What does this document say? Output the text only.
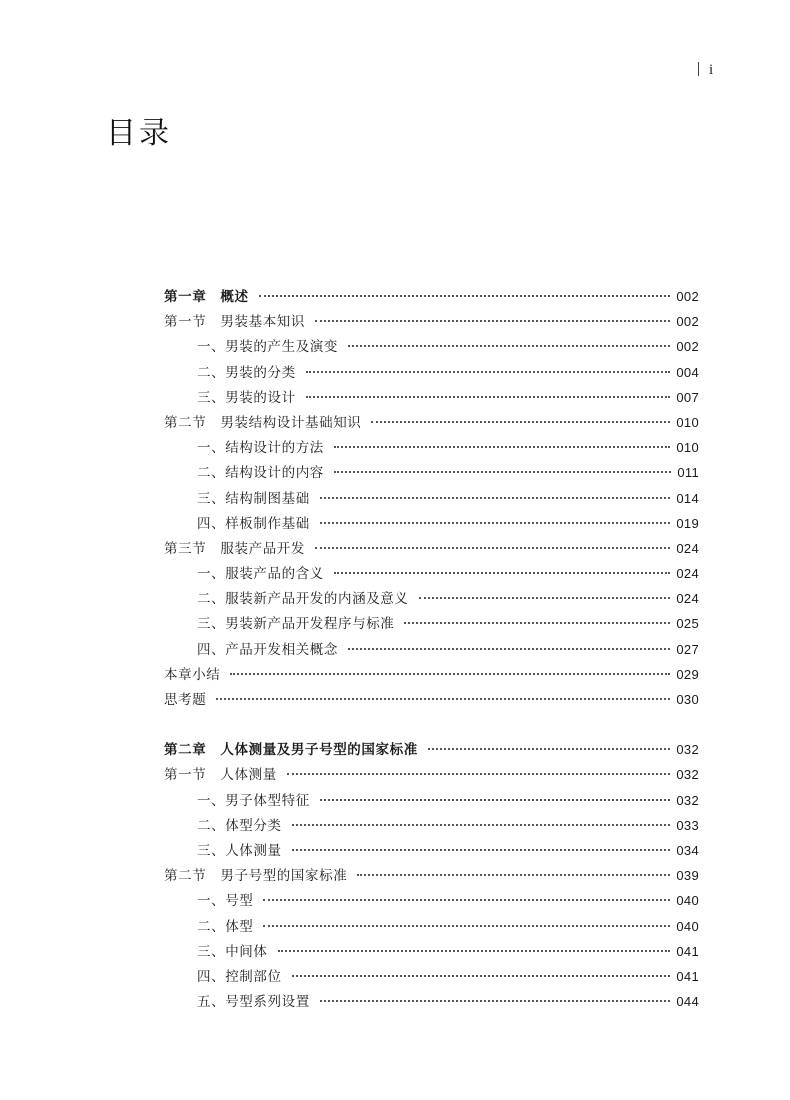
i
目录
第一章　概述	002
第一节　男装基本知识	002
一、男装的产生及演变	002
二、男装的分类	004
三、男装的设计	007
第二节　男装结构设计基础知识	010
一、结构设计的方法	010
二、结构设计的内容	011
三、结构制图基础	014
四、样板制作基础	019
第三节　服装产品开发	024
一、服装产品的含义	024
二、服装新产品开发的内涵及意义	024
三、男装新产品开发程序与标准	025
四、产品开发相关概念	027
本章小结	029
思考题	030
第二章　人体测量及男子号型的国家标准	032
第一节　人体测量	032
一、男子体型特征	032
二、体型分类	033
三、人体测量	034
第二节　男子号型的国家标准	039
一、号型	040
二、体型	040
三、中间体	041
四、控制部位	041
五、号型系列设置	044
